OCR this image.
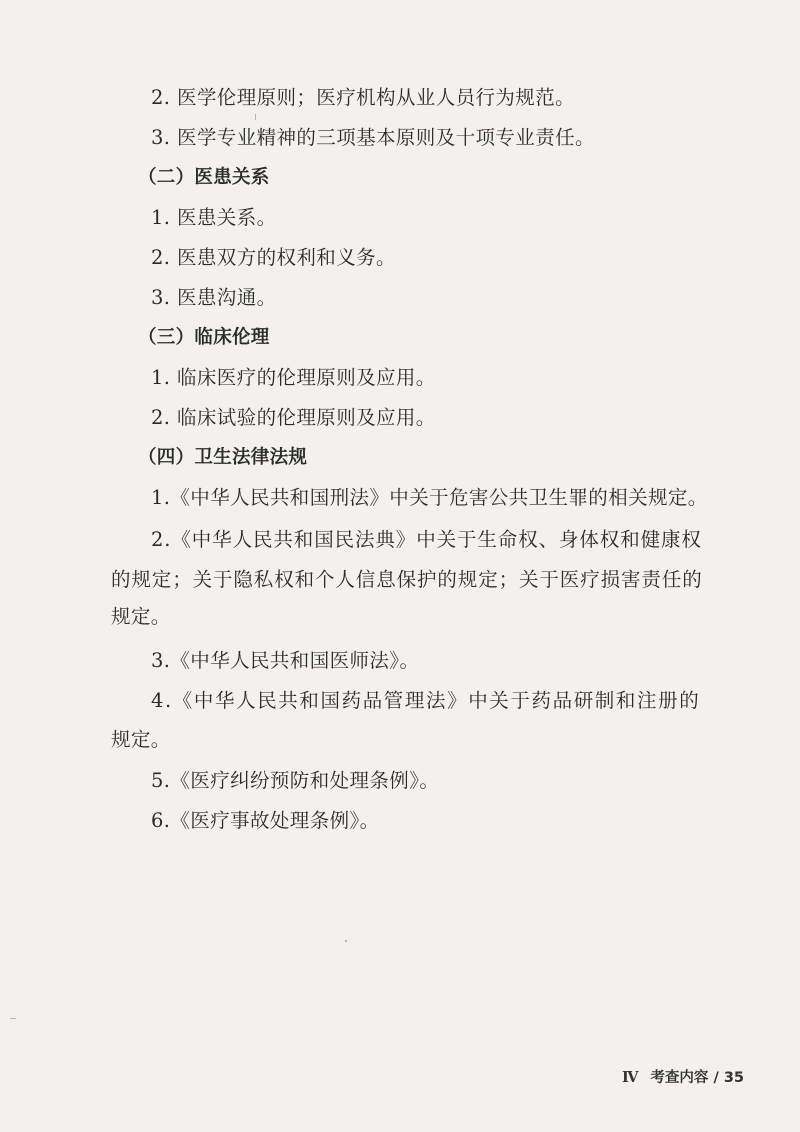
2. 医学伦理原则；医疗机构从业人员行为规范。
3. 医学专业精神的三项基本原则及十项专业责任。
（二）医患关系
1. 医患关系。
2. 医患双方的权利和义务。
3. 医患沟通。
（三）临床伦理
1. 临床医疗的伦理原则及应用。
2. 临床试验的伦理原则及应用。
（四）卫生法律法规
1.《中华人民共和国刑法》中关于危害公共卫生罪的相关规定。
2.《中华人民共和国民法典》中关于生命权、身体权和健康权
的规定；关于隐私权和个人信息保护的规定；关于医疗损害责任的
规定。
3.《中华人民共和国医师法》。
4.《中华人民共和国药品管理法》中关于药品研制和注册的
规定。
5.《医疗纠纷预防和处理条例》。
6.《医疗事故处理条例》。
Ⅳ 考查内容 / 35
